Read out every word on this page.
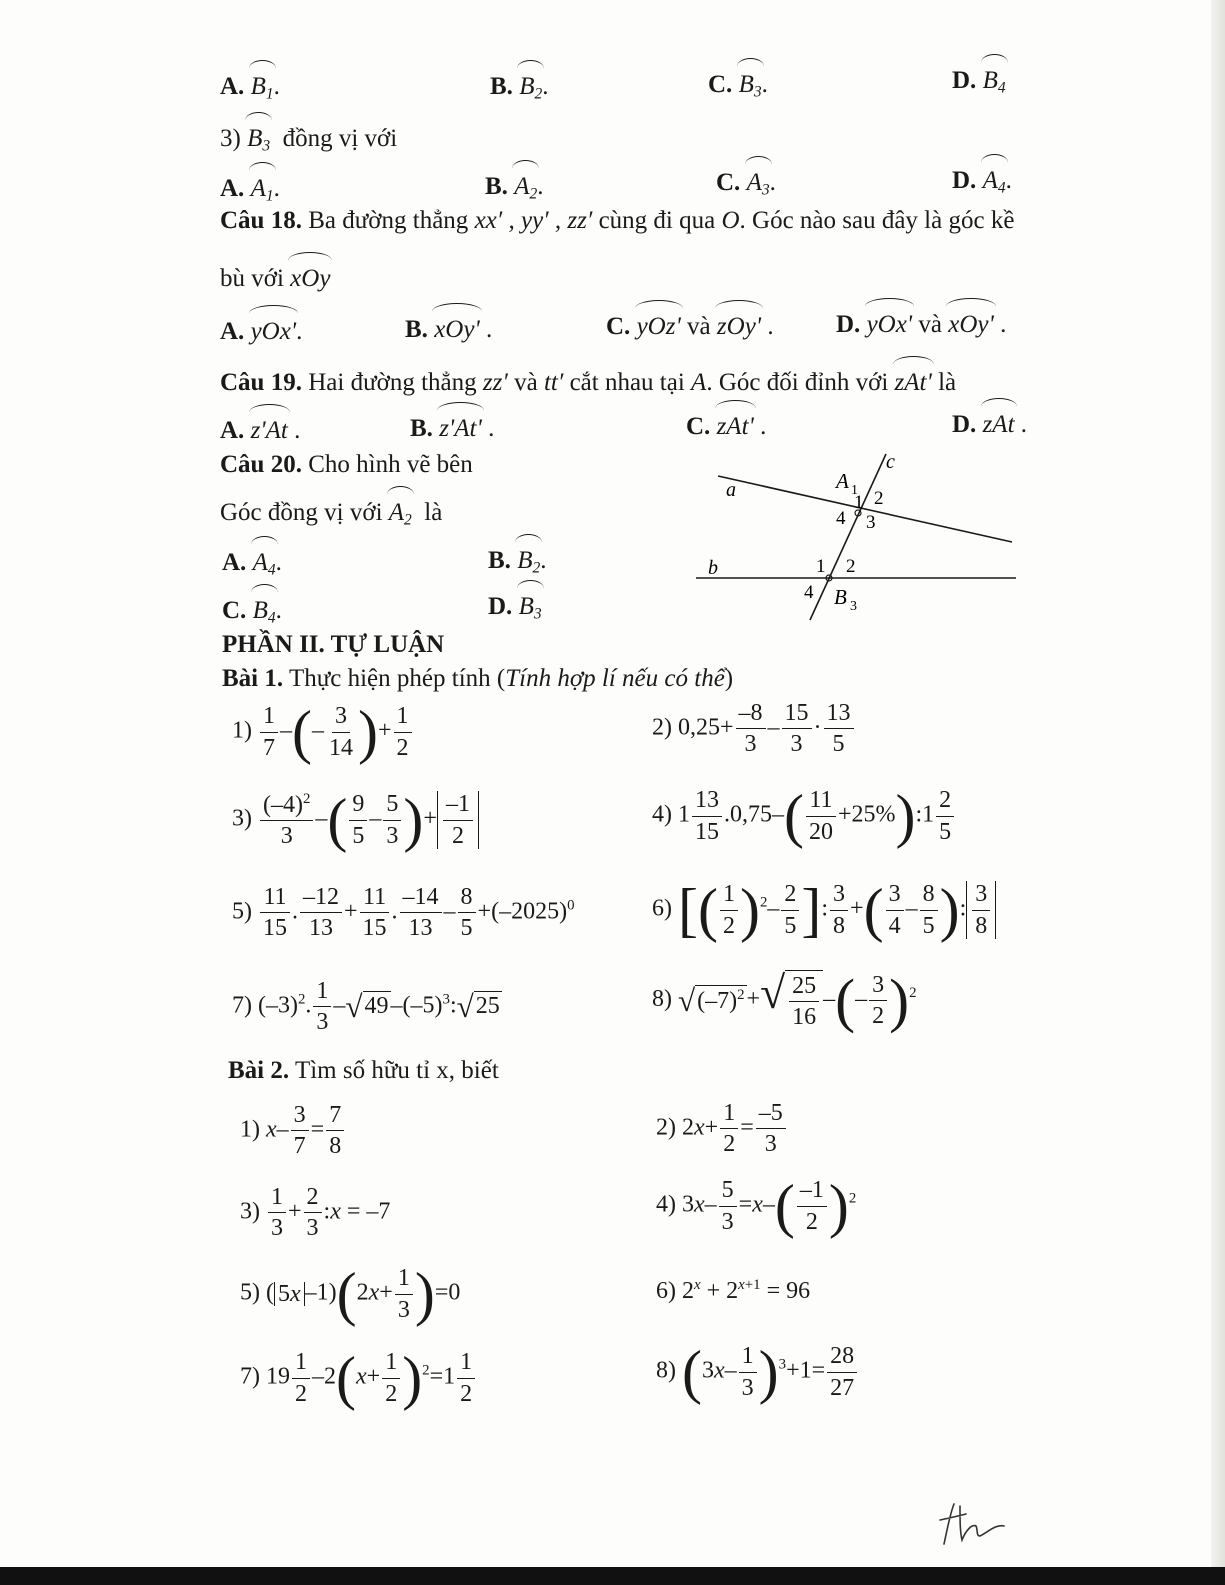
A. $B_1$.	B. $B_2$.	C. $B_3$.	D. $B_4$
3) $B_3$ đồng vị với
A. $A_1$.	B. $A_2$.	C. $A_3$.	D. $A_4$.
Câu 18. Ba đường thẳng xx′ , yy′ , zz′ cùng đi qua O. Góc nào sau đây là góc kề
bù với xOy
A. yOx'.	B. xOy' .	C. yOz' và zOy' . D. yOx' và xOy' .
Câu 19. Hai đường thẳng zz′ và tt′ cắt nhau tại A. Góc đối đỉnh với zAt' là
A. z'At .	B. z'At' .	C. zAt' .	D. zAt .
Câu 20. Cho hình vẽ bên
Góc đồng vị với $A_2$ là
A. $A_4$.	B. $B_2$.
C. $B_4$.	D. $B_3$
a
b
c
A 1
1 2
3
4
1 2
4 B 3
PHẦN II. TỰ LUẬN
Bài 1. Thực hiện phép tính (Tính hợp lí nếu có thể)
$1) \frac{1}{7}$ –(– $\frac{3}{14}$ )+ $\frac{1}{2}$	2) $0,25+ \frac{-8}{3} - \frac{15}{3} \cdot \frac{13}{5}$
$3) \frac{(-4)^2}{3}$ –( $\frac{9}{5} - \frac{5}{3}$ )+ $\frac{-1}{2}$	4) $1 \frac{13}{15} .0,75-( \frac{11}{20}$ +25%):1 $\frac{2}{5}$
$5) \frac{11}{15}$ . $\frac{-12}{13} + \frac{11}{15}$ . $\frac{-14}{13} - \frac{8}{5} +(-2025)^0$	6) [( $\frac{1}{2} )^2- \frac{2}{5}$ ]: $\frac{3}{8}$ +( $\frac{3}{4} - \frac{8}{5}$ ): $\frac{3}{8}$
7) $(-3)^2$. $\frac{1}{3}$ – √ 49 $-(-5)^3$: √ 25	8) √ $(-7)^2$ + √ $\frac{25}{16}$ –(– $\frac{3}{2} )^2$
Bài 2. Tìm số hữu tỉ x, biết
1) $x- \frac{3}{7} = \frac{7}{8}$	2) $2x+ \frac{1}{2} = \frac{-5}{3}$
$3) \frac{1}{3} + \frac{2}{3}$ :x = –7	4) $3x- \frac{5}{3} =x-( \frac{-1}{2} )^2$
5) ( 5x $-1)(2x+ \frac{1}{3} )=0$	6) $2^x + 2^{x+1} = 96$
7) $19 \frac{1}{2} -2(x+ \frac{1}{2} )^2=1 \frac{1}{2}$	8) $(3x- \frac{1}{3} )^3+1= \frac{28}{27}$
